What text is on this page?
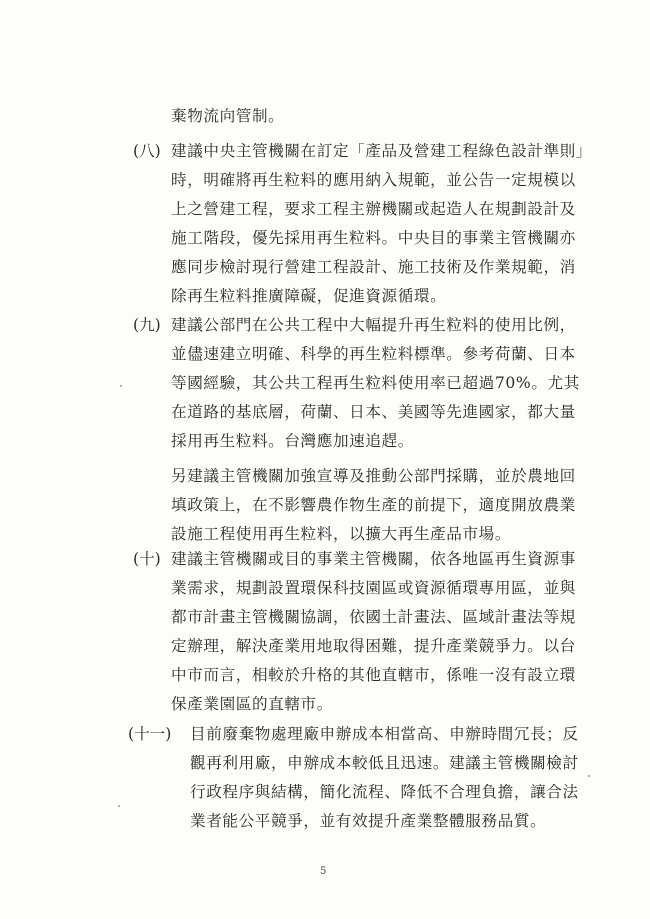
(八)
(九)
(十)
(十一)
棄物流向管制。
建議中央主管機關在訂定「產品及營建工程綠色設計準則」
時，明確將再生粒料的應用納入規範，並公告一定規模以
上之營建工程，要求工程主辦機關或起造人在規劃設計及
施工階段，優先採用再生粒料。中央目的事業主管機關亦
應同步檢討現行營建工程設計、施工技術及作業規範，消
除再生粒料推廣障礙，促進資源循環。
建議公部門在公共工程中大幅提升再生粒料的使用比例，
並儘速建立明確、科學的再生粒料標準。參考荷蘭、日本
等國經驗，其公共工程再生粒料使用率已超過70%。尤其
在道路的基底層，荷蘭、日本、美國等先進國家，都大量
採用再生粒料。台灣應加速追趕。
另建議主管機關加強宣導及推動公部門採購，並於農地回
填政策上，在不影響農作物生產的前提下，適度開放農業
設施工程使用再生粒料，以擴大再生產品市場。
建議主管機關或目的事業主管機關，依各地區再生資源事
業需求，規劃設置環保科技園區或資源循環專用區，並與
都市計畫主管機關協調，依國土計畫法、區域計畫法等規
定辦理，解決產業用地取得困難，提升產業競爭力。以台
中市而言，相較於升格的其他直轄市，係唯一沒有設立環
保產業園區的直轄市。
目前廢棄物處理廠申辦成本相當高、申辦時間冗長；反
觀再利用廠，申辦成本較低且迅速。建議主管機關檢討
行政程序與結構，簡化流程、降低不合理負擔，讓合法
業者能公平競爭，並有效提升產業整體服務品質。
5
